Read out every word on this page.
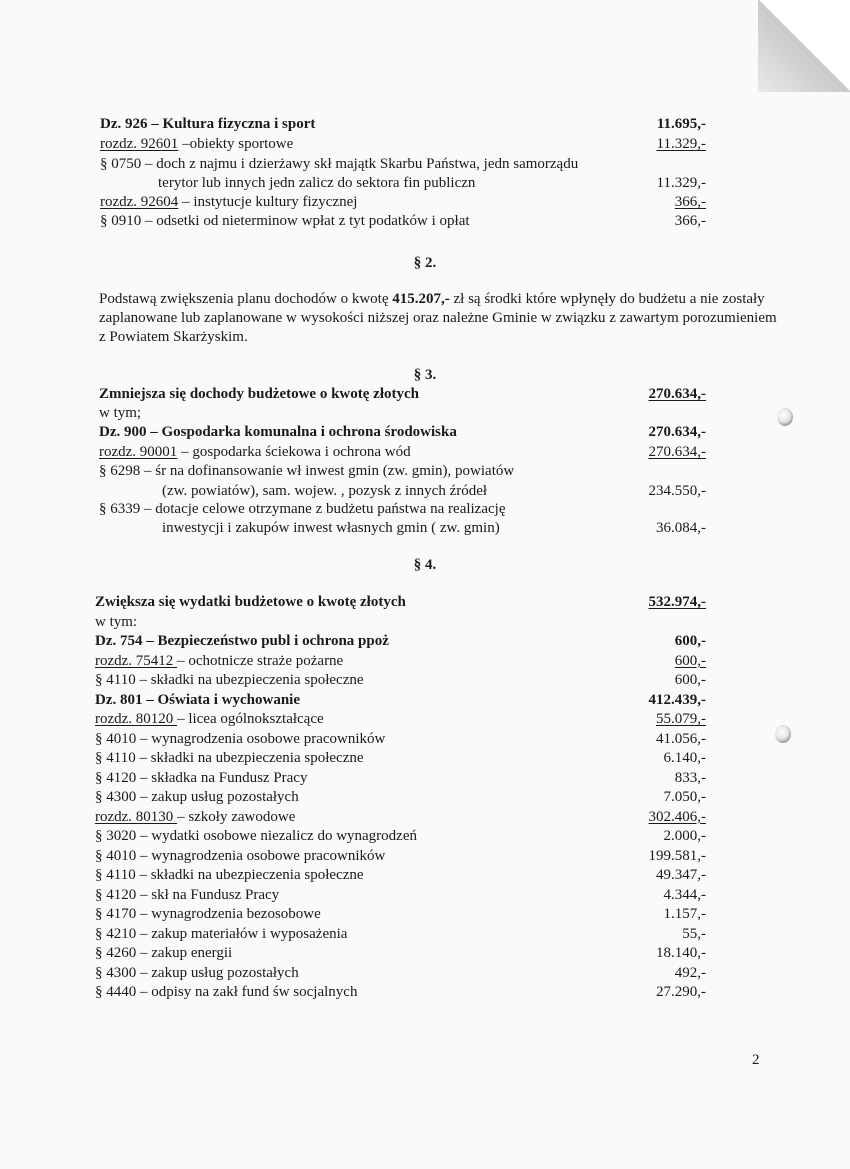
Dz. 926 – Kultura fizyczna i sport	11.695,-
rozdz. 92601 –obiekty sportowe	11.329,-
§ 0750 – doch z najmu i dzierżawy skł majątk Skarbu Państwa, jedn samorządu
terytor lub innych jedn zalicz do sektora fin publiczn	11.329,-
rozdz. 92604 – instytucje kultury fizycznej	366,-
§ 0910 – odsetki od nieterminow wpłat z tyt podatków i opłat	366,-
§ 2.
Podstawą zwiększenia planu dochodów o kwotę 415.207,- zł są środki które wpłynęły do budżetu a nie zostały zaplanowane lub zaplanowane w wysokości niższej oraz należne Gminie w związku z zawartym porozumieniem z Powiatem Skarżyskim.
§ 3.
Zmniejsza się dochody budżetowe o kwotę złotych	270.634,-
w tym;
Dz. 900 – Gospodarka komunalna i ochrona środowiska	270.634,-
rozdz. 90001 – gospodarka ściekowa i ochrona wód	270.634,-
§ 6298 – śr na dofinansowanie wł inwest gmin (zw. gmin), powiatów
(zw. powiatów), sam. wojew. , pozysk z innych źródeł	234.550,-
§ 6339 – dotacje celowe otrzymane z budżetu państwa na realizację
inwestycji i zakupów inwest własnych gmin ( zw. gmin)	36.084,-
§ 4.
Zwiększa się wydatki budżetowe o kwotę złotych	532.974,-
w tym:
Dz. 754 – Bezpieczeństwo publ i ochrona ppoż	600,-
rozdz. 75412 – ochotnicze straże pożarne	600,-
§ 4110 – składki na ubezpieczenia społeczne	600,-
Dz. 801 – Oświata i wychowanie	412.439,-
rozdz. 80120 – licea ogólnokształcące	55.079,-
§ 4010 – wynagrodzenia osobowe pracowników	41.056,-
§ 4110 – składki na ubezpieczenia społeczne	6.140,-
§ 4120 – składka na Fundusz Pracy	833,-
§ 4300 – zakup usług pozostałych	7.050,-
rozdz. 80130 – szkoły zawodowe	302.406,-
§ 3020 – wydatki osobowe niezalicz do wynagrodzeń	2.000,-
§ 4010 – wynagrodzenia osobowe pracowników	199.581,-
§ 4110 – składki na ubezpieczenia społeczne	49.347,-
§ 4120 – skł na Fundusz Pracy	4.344,-
§ 4170 – wynagrodzenia bezosobowe	1.157,-
§ 4210 – zakup materiałów i wyposażenia	55,-
§ 4260 – zakup energii	18.140,-
§ 4300 – zakup usług pozostałych	492,-
§ 4440 – odpisy na zakł fund św socjalnych	27.290,-
2
